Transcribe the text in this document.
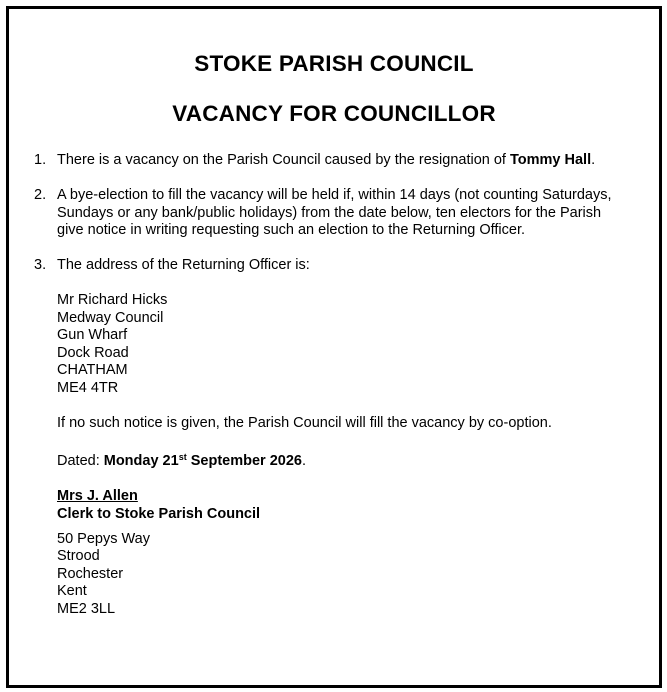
STOKE PARISH COUNCIL
VACANCY FOR COUNCILLOR
1. There is a vacancy on the Parish Council caused by the resignation of Tommy Hall.
2. A bye-election to fill the vacancy will be held if, within 14 days (not counting Saturdays,
Sundays or any bank/public holidays) from the date below, ten electors for the Parish
give notice in writing requesting such an election to the Returning Officer.
3. The address of the Returning Officer is:
Mr Richard Hicks
Medway Council
Gun Wharf
Dock Road
CHATHAM
ME4 4TR
If no such notice is given, the Parish Council will fill the vacancy by co-option.
Dated: Monday 21st September 2026.
Mrs J. Allen
Clerk to Stoke Parish Council
50 Pepys Way
Strood
Rochester
Kent
ME2 3LL
